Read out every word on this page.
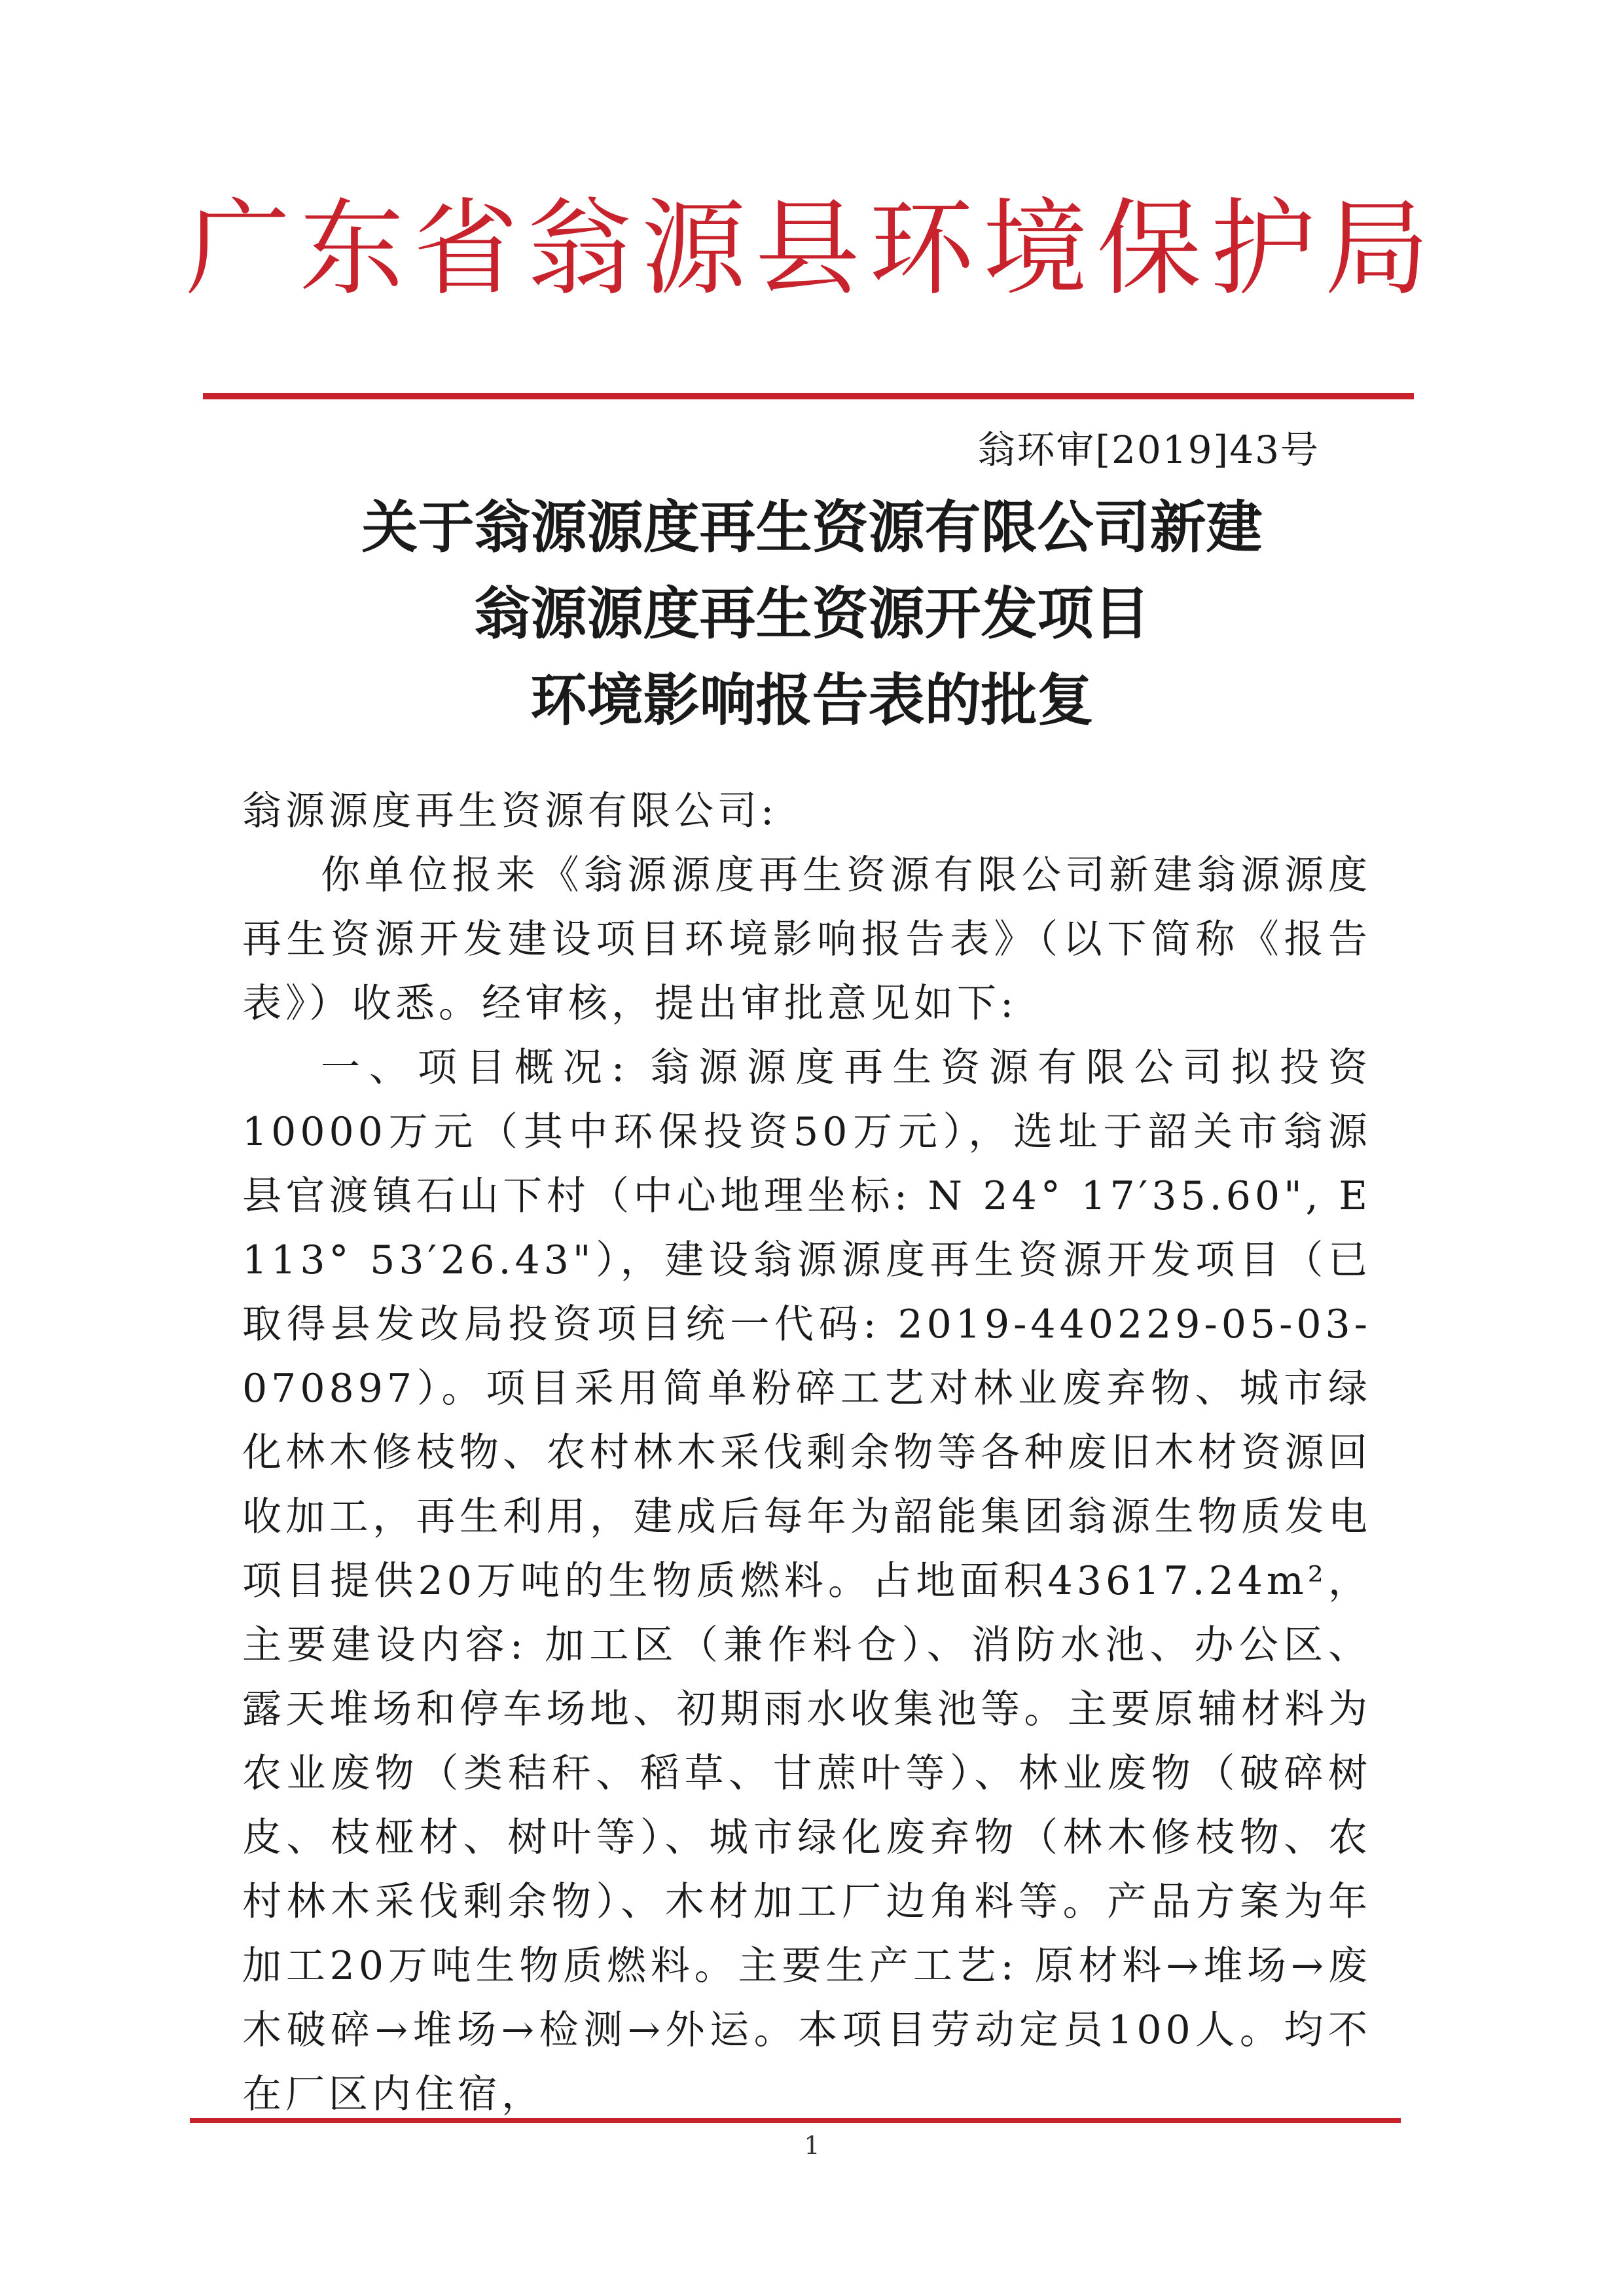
广东省翁源县环境保护局
翁环审[2019]43号
关于翁源源度再生资源有限公司新建
翁源源度再生资源开发项目
环境影响报告表的批复

翁源源度再生资源有限公司:

你单位报来《翁源源度再生资源有限公司新建翁源源度再生资源开发建设项目环境影响报告表》（以下简称《报告表》）收悉。经审核，提出审批意见如下:

一、项目概况: 翁源源度再生资源有限公司拟投资10000万元（其中环保投资50万元），选址于韶关市翁源县官渡镇石山下村（中心地理坐标: N 24° 17′35.60", E 113° 53′26.43"），建设翁源源度再生资源开发项目（已取得县发改局投资项目统一代码: 2019-440229-05-03-070897）。项目采用简单粉碎工艺对林业废弃物、城市绿化林木修枝物、农村林木采伐剩余物等各种废旧木材资源回收加工，再生利用，建成后每年为韶能集团翁源生物质发电项目提供20万吨的生物质燃料。占地面积43617.24m²，主要建设内容: 加工区（兼作料仓）、消防水池、办公区、露天堆场和停车场地、初期雨水收集池等。主要原辅材料为农业废物（类秸秆、稻草、甘蔗叶等）、林业废物（破碎树皮、枝桠材、树叶等）、城市绿化废弃物（林木修枝物、农村林木采伐剩余物）、木材加工厂边角料等。产品方案为年加工20万吨生物质燃料。主要生产工艺: 原材料→堆场→废木破碎→堆场→检测→外运。本项目劳动定员100人。均不在厂区内住宿，

1
